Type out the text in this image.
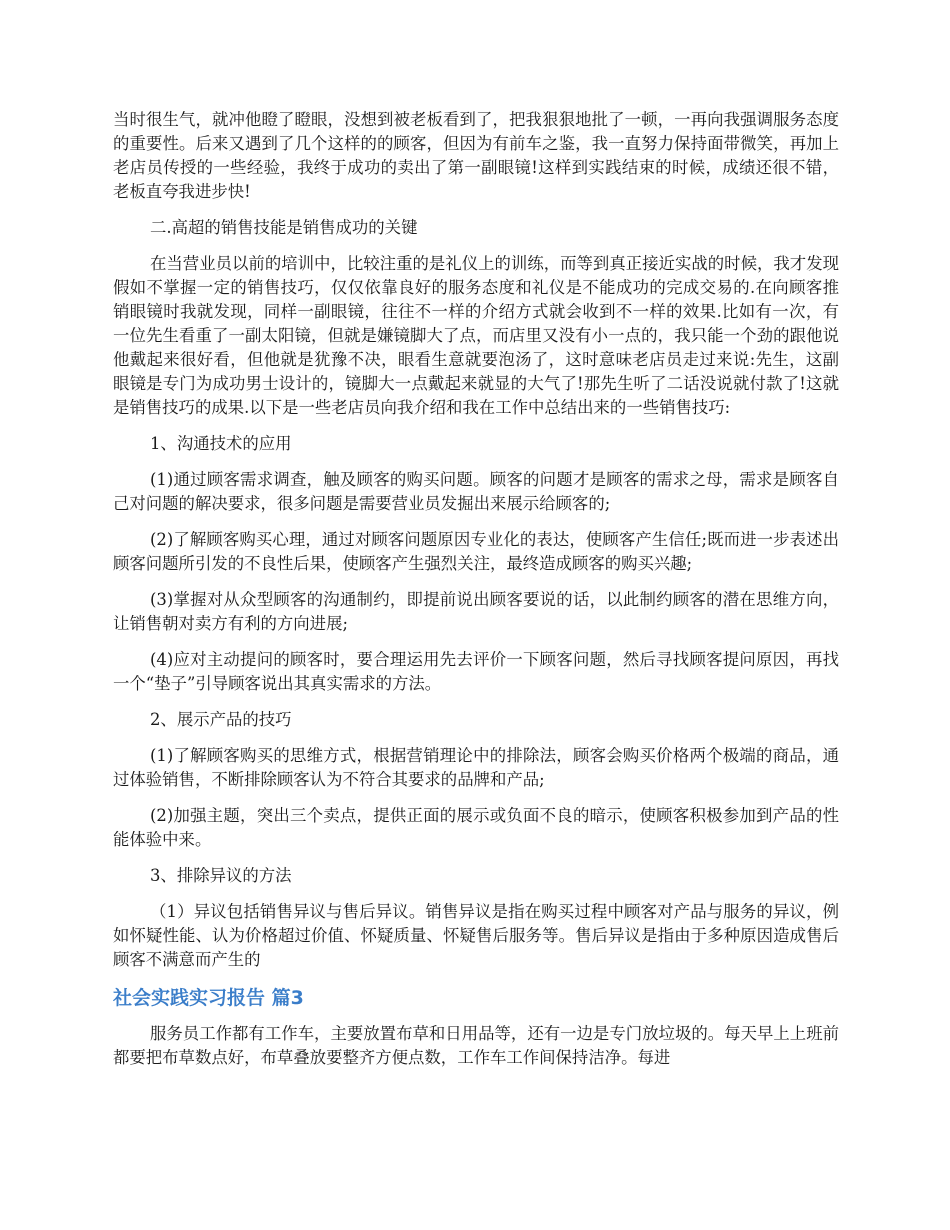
当时很生气，就冲他瞪了瞪眼，没想到被老板看到了，把我狠狠地批了一顿，一再向我强调服务态度的重要性。后来又遇到了几个这样的的顾客，但因为有前车之鉴，我一直努力保持面带微笑，再加上老店员传授的一些经验，我终于成功的卖出了第一副眼镜!这样到实践结束的时候，成绩还很不错，老板直夸我进步快!

二.高超的销售技能是销售成功的关键

在当营业员以前的培训中，比较注重的是礼仪上的训练，而等到真正接近实战的时候，我才发现假如不掌握一定的销售技巧，仅仅依靠良好的服务态度和礼仪是不能成功的完成交易的.在向顾客推销眼镜时我就发现，同样一副眼镜，往往不一样的介绍方式就会收到不一样的效果.比如有一次，有一位先生看重了一副太阳镜，但就是嫌镜脚大了点，而店里又没有小一点的，我只能一个劲的跟他说他戴起来很好看，但他就是犹豫不决，眼看生意就要泡汤了，这时意味老店员走过来说:先生，这副眼镜是专门为成功男士设计的，镜脚大一点戴起来就显的大气了!那先生听了二话没说就付款了!这就是销售技巧的成果.以下是一些老店员向我介绍和我在工作中总结出来的一些销售技巧:

1、沟通技术的应用

(1)通过顾客需求调查，触及顾客的购买问题。顾客的问题才是顾客的需求之母，需求是顾客自己对问题的解决要求，很多问题是需要营业员发掘出来展示给顾客的;

(2)了解顾客购买心理，通过对顾客问题原因专业化的表达，使顾客产生信任;既而进一步表述出顾客问题所引发的不良性后果，使顾客产生强烈关注，最终造成顾客的购买兴趣;

(3)掌握对从众型顾客的沟通制约，即提前说出顾客要说的话，以此制约顾客的潜在思维方向，让销售朝对卖方有利的方向进展;

(4)应对主动提问的顾客时，要合理运用先去评价一下顾客问题，然后寻找顾客提问原因，再找一个“垫子”引导顾客说出其真实需求的方法。

2、展示产品的技巧

(1)了解顾客购买的思维方式，根据营销理论中的排除法，顾客会购买价格两个极端的商品，通过体验销售，不断排除顾客认为不符合其要求的品牌和产品;

(2)加强主题，突出三个卖点，提供正面的展示或负面不良的暗示，使顾客积极参加到产品的性能体验中来。

3、排除异议的方法

（1）异议包括销售异议与售后异议。销售异议是指在购买过程中顾客对产品与服务的异议，例如怀疑性能、认为价格超过价值、怀疑质量、怀疑售后服务等。售后异议是指由于多种原因造成售后顾客不满意而产生的

社会实践实习报告 篇3

服务员工作都有工作车，主要放置布草和日用品等，还有一边是专门放垃圾的。每天早上上班前都要把布草数点好，布草叠放要整齐方便点数，工作车工作间保持洁净。每进
